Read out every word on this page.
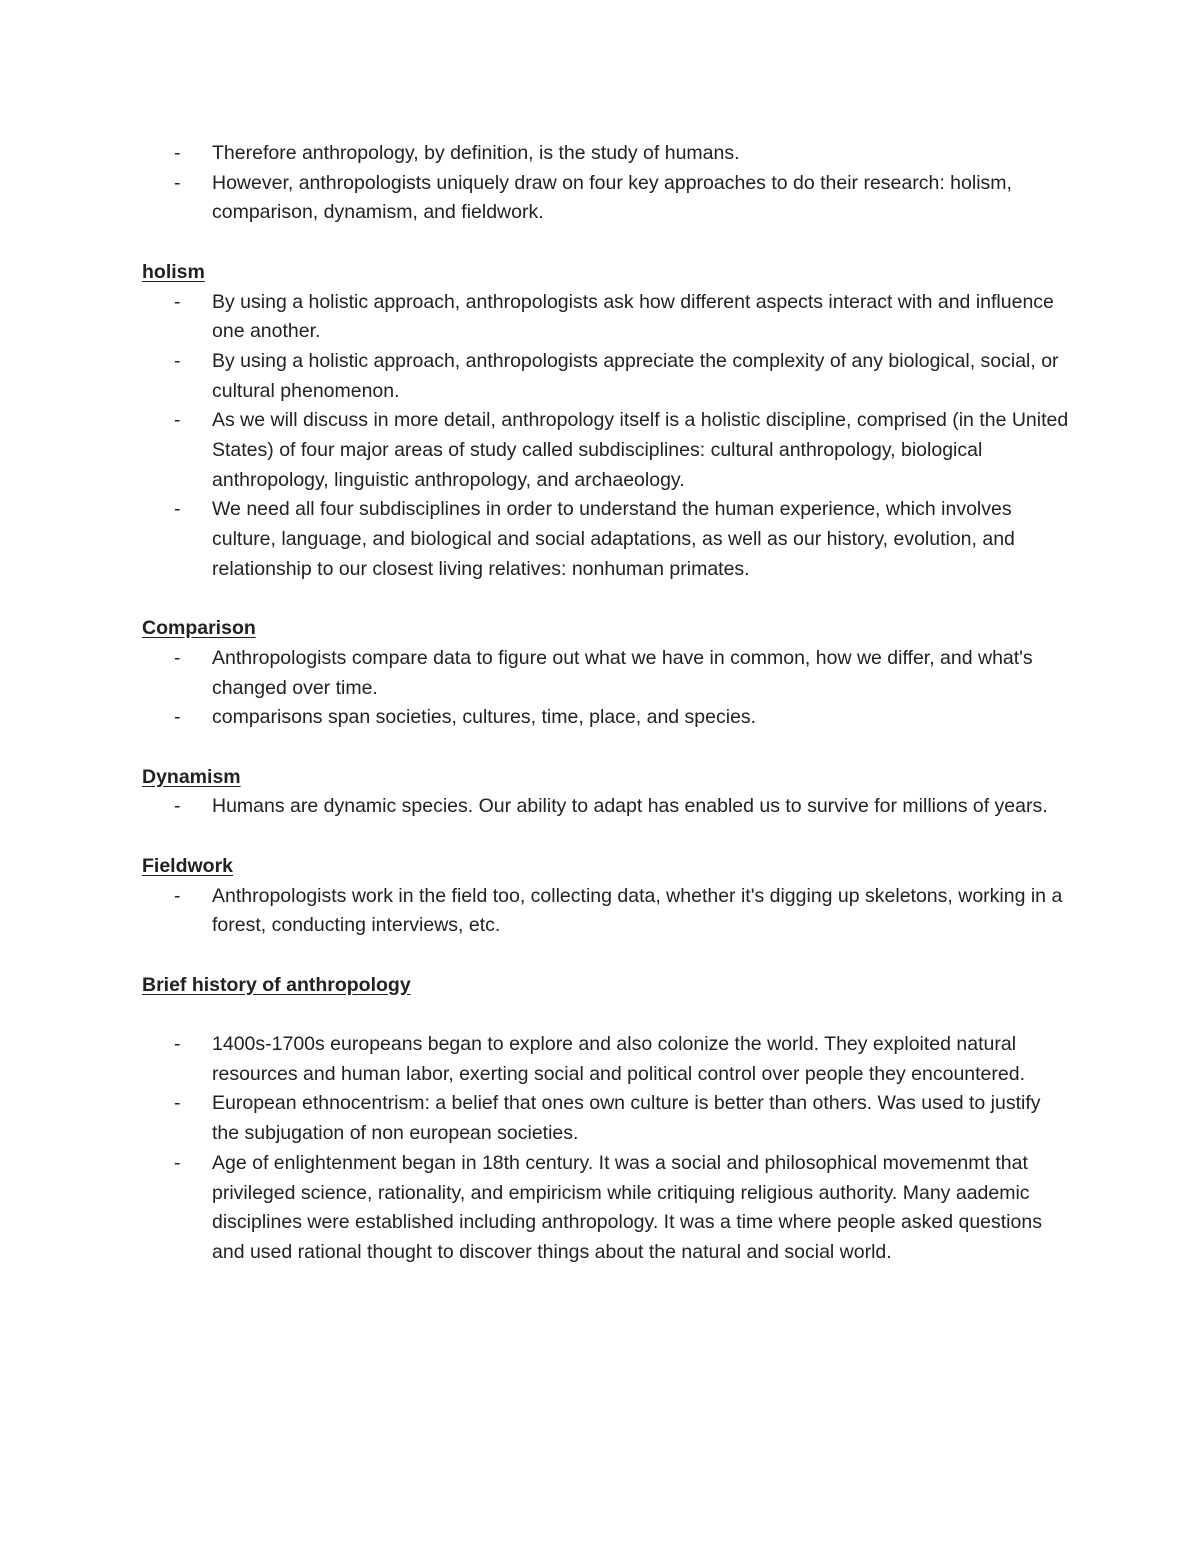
- Therefore anthropology, by definition, is the study of humans.
- However, anthropologists uniquely draw on four key approaches to do their research: holism, comparison, dynamism, and fieldwork.

holism

- By using a holistic approach, anthropologists ask how different aspects interact with and influence one another.
- By using a holistic approach, anthropologists appreciate the complexity of any biological, social, or cultural phenomenon.
- As we will discuss in more detail, anthropology itself is a holistic discipline, comprised (in the United States) of four major areas of study called subdisciplines: cultural anthropology, biological anthropology, linguistic anthropology, and archaeology.
- We need all four subdisciplines in order to understand the human experience, which involves culture, language, and biological and social adaptations, as well as our history, evolution, and relationship to our closest living relatives: nonhuman primates.

Comparison

- Anthropologists compare data to figure out what we have in common, how we differ, and what's changed over time.
- comparisons span societies, cultures, time, place, and species.

Dynamism

- Humans are dynamic species. Our ability to adapt has enabled us to survive for millions of years.

Fieldwork

- Anthropologists work in the field too, collecting data, whether it's digging up skeletons, working in a forest, conducting interviews, etc.

Brief history of anthropology

- 1400s-1700s europeans began to explore and also colonize the world. They exploited natural resources and human labor, exerting social and political control over people they encountered.
- European ethnocentrism: a belief that ones own culture is better than others. Was used to justify the subjugation of non european societies.
- Age of enlightenment began in 18th century. It was a social and philosophical movemenmt that privileged science, rationality, and empiricism while critiquing religious authority. Many aademic disciplines were established including anthropology. It was a time where people asked questions and used rational thought to discover things about the natural and social world.
